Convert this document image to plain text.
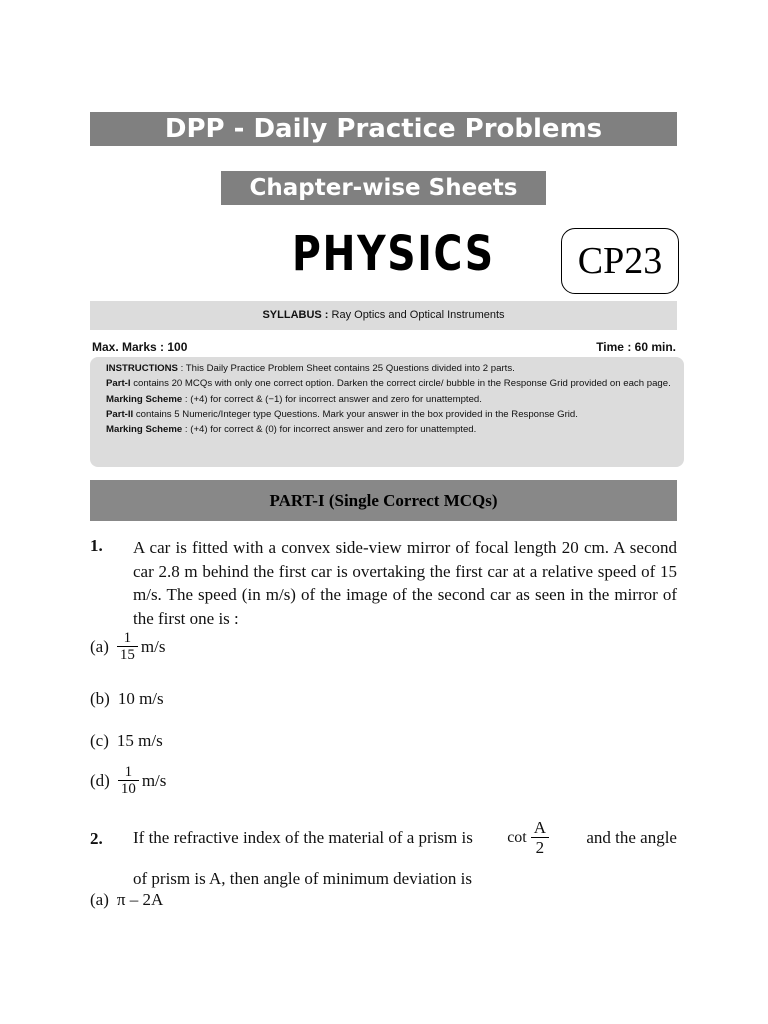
DPP - Daily Practice Problems
Chapter-wise Sheets
PHYSICS	CP23
SYLLABUS : Ray Optics and Optical Instruments
Max. Marks : 100	Time : 60 min.

INSTRUCTIONS : This Daily Practice Problem Sheet contains 25 Questions divided into 2 parts.

Part-I contains 20 MCQs with only one correct option. Darken the correct circle/ bubble in the Response Grid provided on each page.

Marking Scheme : (+4) for correct & (−1) for incorrect answer and zero for unattempted.

Part-II contains 5 Numeric/Integer type Questions. Mark your answer in the box provided in the Response Grid.

Marking Scheme : (+4) for correct & (0) for incorrect answer and zero for unattempted.

PART-I (Single Correct MCQs)
1. A car is fitted with a convex side-view mirror of focal length 20 cm. A second car 2.8 m behind the first car is overtaking the first car at a relative speed of 15 m/s. The speed (in m/s) of the image of the second car as seen in the mirror of the first one is :
$(a) \frac{1}{15} m/s$
(b) 10 m/s
(c) 15 m/s
$(d) \frac{1}{10} m/s$
2. If the refractive index of the material of a prism is $\cot \frac{A}{2}$ and the angle
of prism is A, then angle of minimum deviation is
(a) π – 2A
